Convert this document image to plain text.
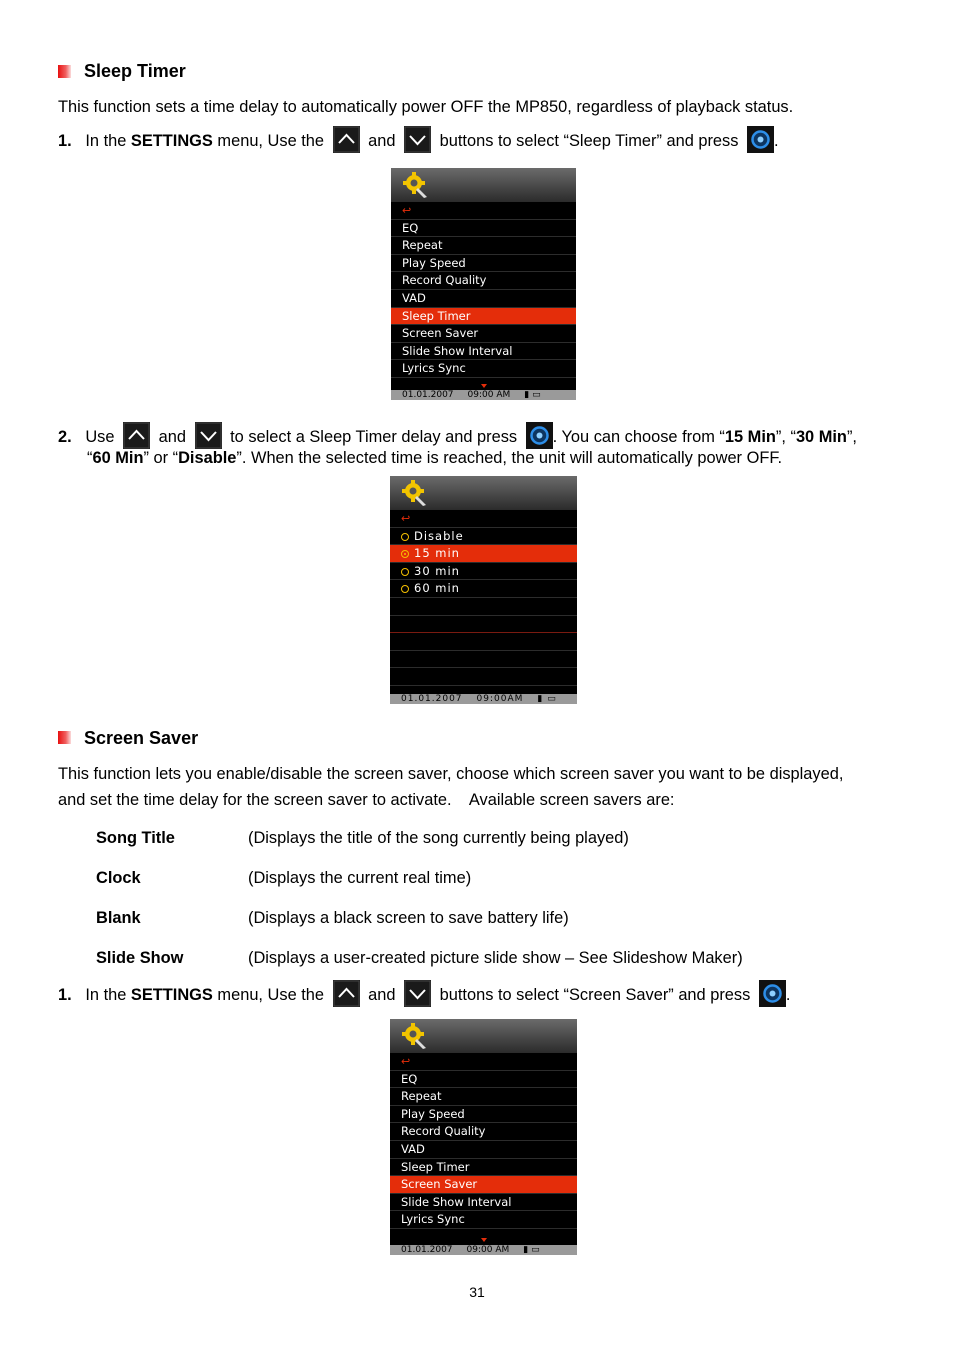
Sleep Timer
This function sets a time delay to automatically power OFF the MP850, regardless of playback status.
1. In the SETTINGS menu, Use the
and	buttons to select “Sleep Timer” and press .
↩
EQ
Repeat
Play Speed
Record Quality
VAD
Sleep Timer
Screen Saver
Slide Show Interval
Lyrics Sync
01.01.2007 09:00 AM ▮ ▭
2. Use	and	to select a Sleep Timer delay and press . You can choose from “15 Min”, “30 Min”,
“60 Min” or “Disable”. When the selected time is reached, the unit will automatically power OFF.
↩
Disable
15 min
30 min
60 min
01.01.2007 09:00AM ▮ ▭
Screen Saver
This function lets you enable/disable the screen saver, choose which screen saver you want to be displayed,
and set the time delay for the screen saver to activate.    Available screen savers are:
Song Title	(Displays the title of the song currently being played)
Clock	(Displays the current real time)
Blank	(Displays a black screen to save battery life)
Slide Show	(Displays a user-created picture slide show – See Slideshow Maker)
1. In the SETTINGS menu, Use the
and	buttons to select “Screen Saver” and press .
↩
EQ
Repeat
Play Speed
Record Quality
VAD
Sleep Timer
Screen Saver
Slide Show Interval
Lyrics Sync
01.01.2007 09:00 AM ▮ ▭
31
